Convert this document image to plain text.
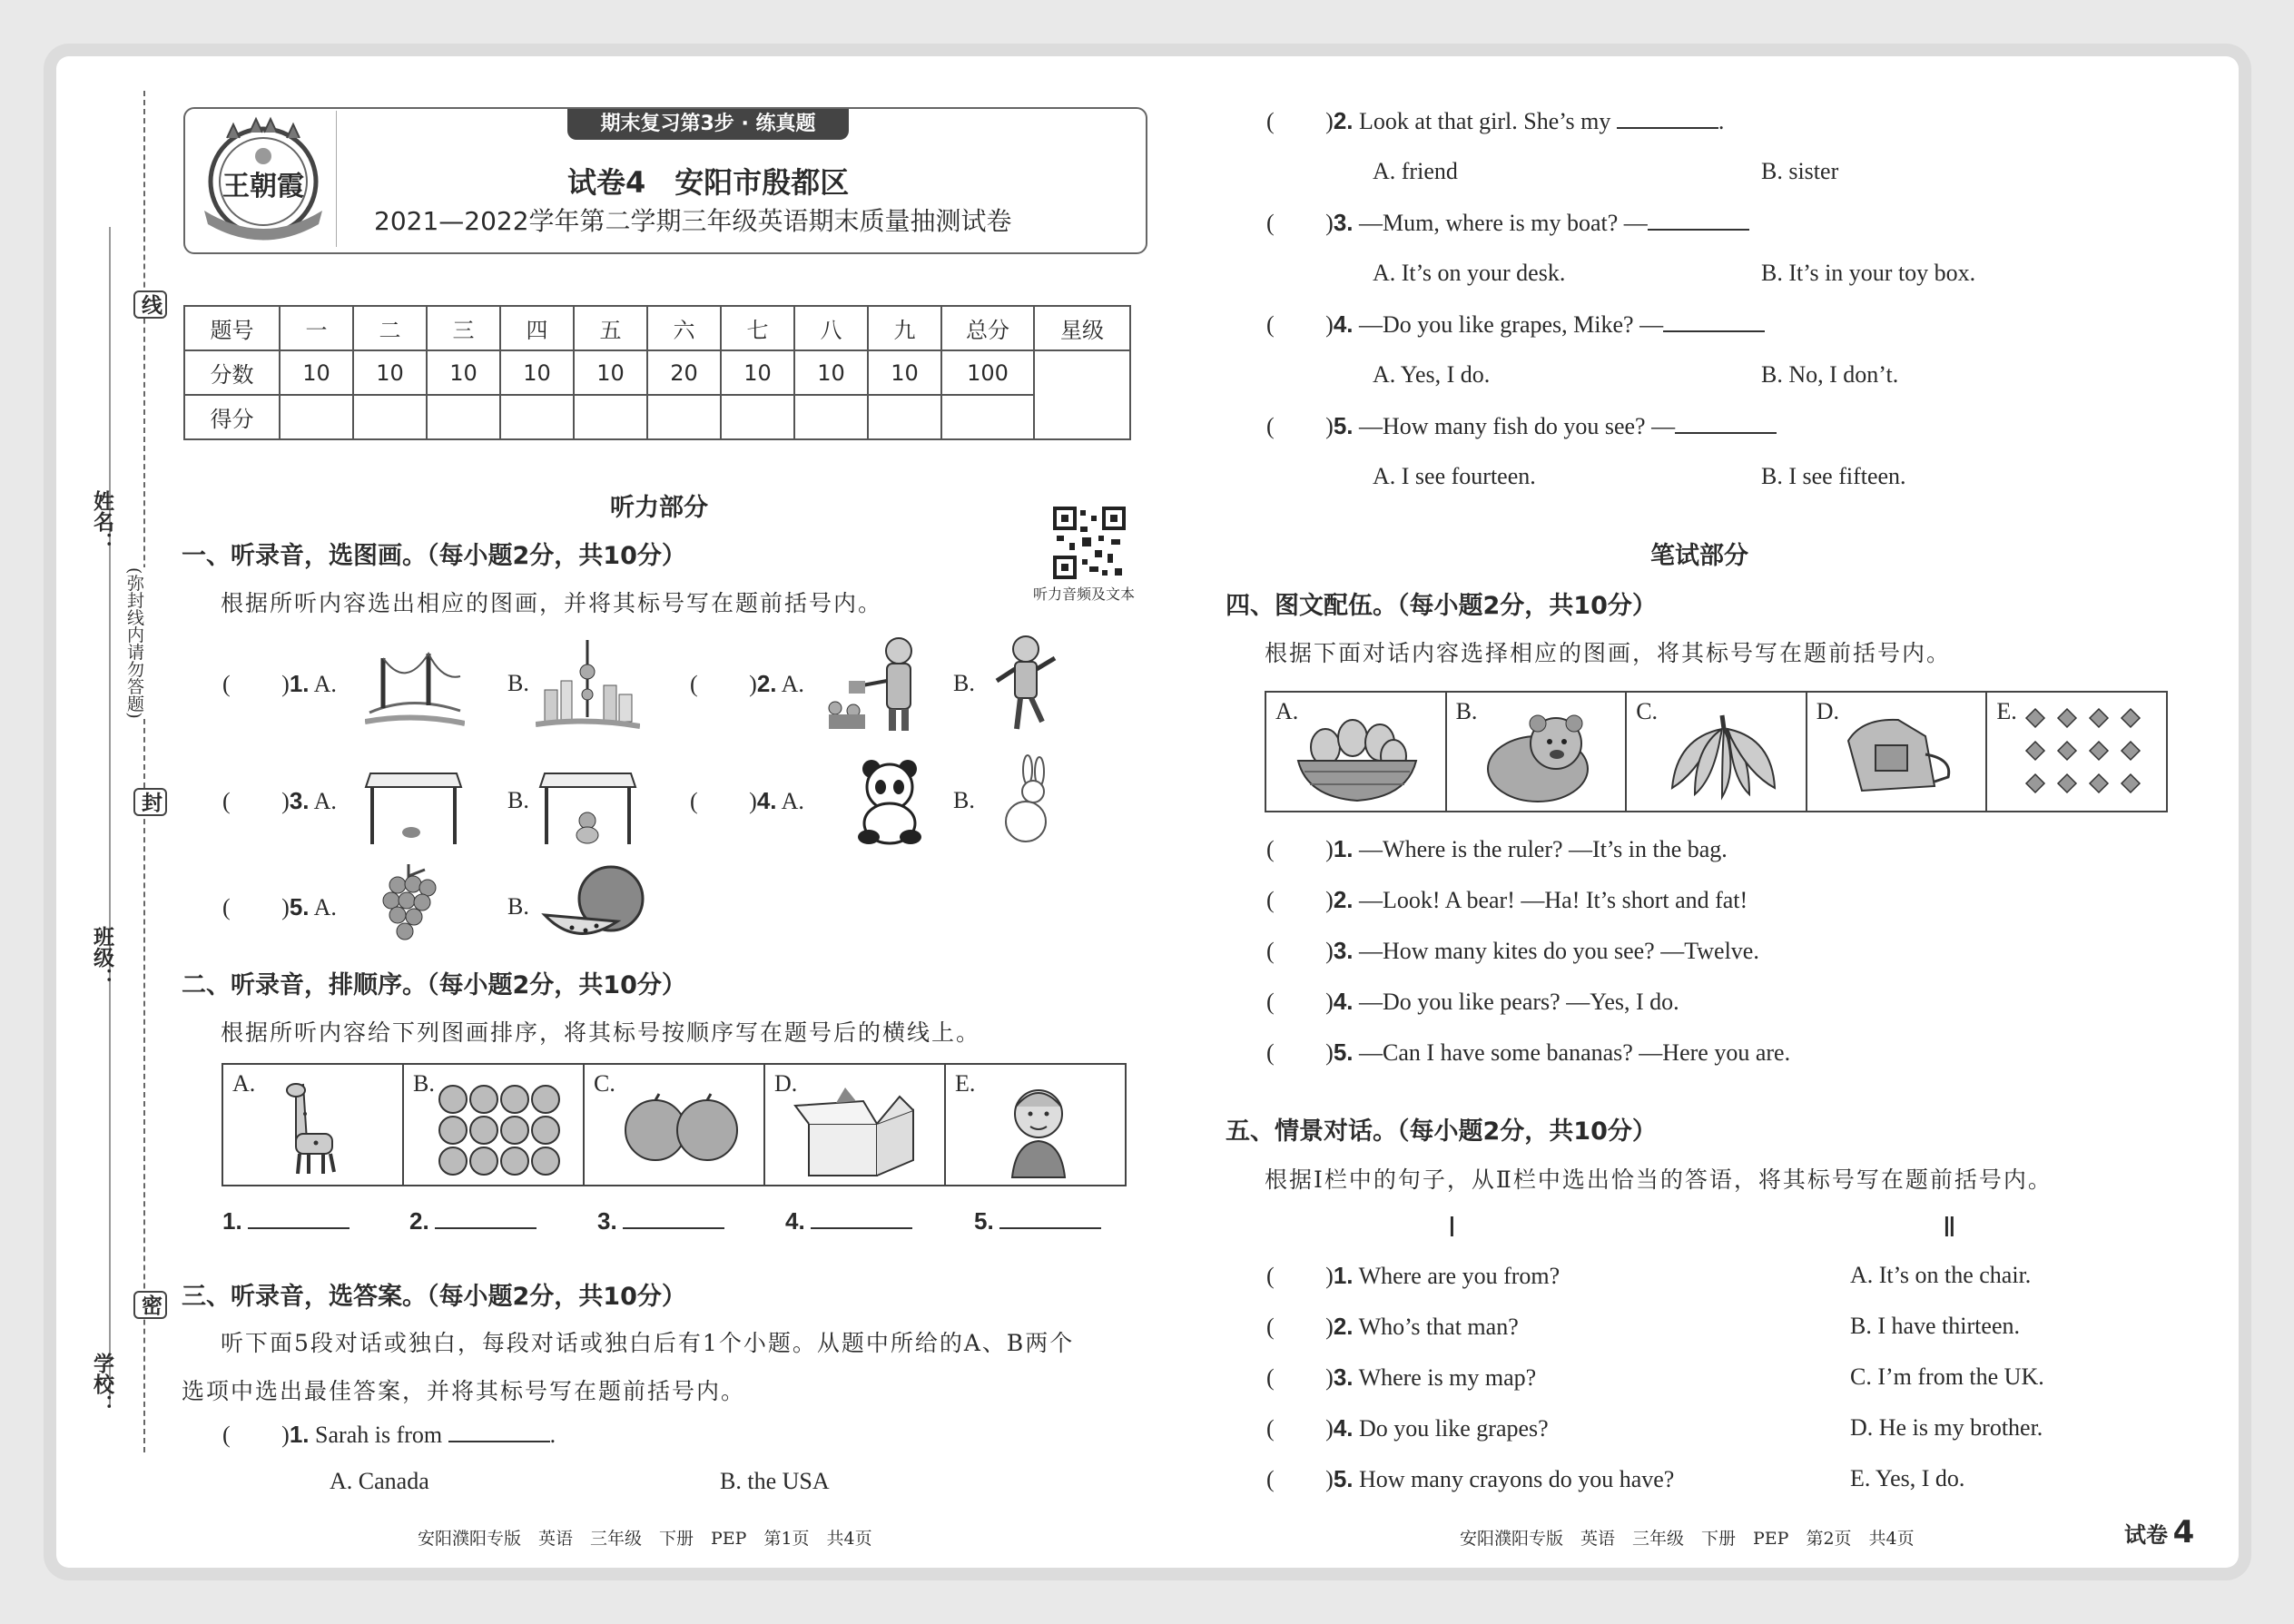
线
封
密
(弥封线内请勿答题)
姓名：
班级：
学校：
期末复习第3步 · 练真题
王朝霞	试卷4　安阳市殷都区
2021—2022学年第二学期三年级英语期末质量抽测试卷
题号	一	二	三	四	五	六	七	八	九	总分	星级
分数	10	10	10	10	10	20	10	10	10	100	
得分											
听力部分
听力音频及文本
一、听录音，选图画。（每小题2分，共10分）
根据所听内容选出相应的图画，并将其标号写在题前括号内。
( )1. A.	B.	( )2. A.	B.
( )3. A.	B.	( )4. A.	B.
( )5. A.	B.
二、听录音，排顺序。（每小题2分，共10分）
根据所听内容给下列图画排序，将其标号按顺序写在题号后的横线上。
A.	B.	C.	D.	E.
1.	2.	3.	4.	5.
三、听录音，选答案。（每小题2分，共10分）
听下面5段对话或独白，每段对话或独白后有1个小题。从题中所给的A、B两个
选项中选出最佳答案，并将其标号写在题前括号内。
( )1. Sarah is from	.
A. Canada	B. the USA
( )2. Look at that girl. She’s my	.
A. friend	B. sister
( )3. —Mum, where is my boat? —
A. It’s on your desk.	B. It’s in your toy box.
( )4. —Do you like grapes, Mike? —
A. Yes, I do.	B. No, I don’t.
( )5. —How many fish do you see? —
A. I see fourteen.	B. I see fifteen.
笔试部分
四、图文配伍。（每小题2分，共10分）
根据下面对话内容选择相应的图画，将其标号写在题前括号内。
A.	B.	C.	D.	E.
( )1. —Where is the ruler? —It’s in the bag.
( )2. —Look! A bear! —Ha! It’s short and fat!
( )3. —How many kites do you see? —Twelve.
( )4. —Do you like pears? —Yes, I do.
( )5. —Can I have some bananas? —Here you are.
五、情景对话。（每小题2分，共10分）
根据Ⅰ栏中的句子，从Ⅱ栏中选出恰当的答语，将其标号写在题前括号内。
Ⅰ	Ⅱ
( )1. Where are you from?	A. It’s on the chair.
( )2. Who’s that man?	B. I have thirteen.
( )3. Where is my map?	C. I’m from the UK.
( )4. Do you like grapes?	D. He is my brother.
( )5. How many crayons do you have?	E. Yes, I do.
安阳濮阳专版　英语　三年级　下册　PEP　第1页　共4页	安阳濮阳专版　英语　三年级　下册　PEP　第2页　共4页	试卷 4
